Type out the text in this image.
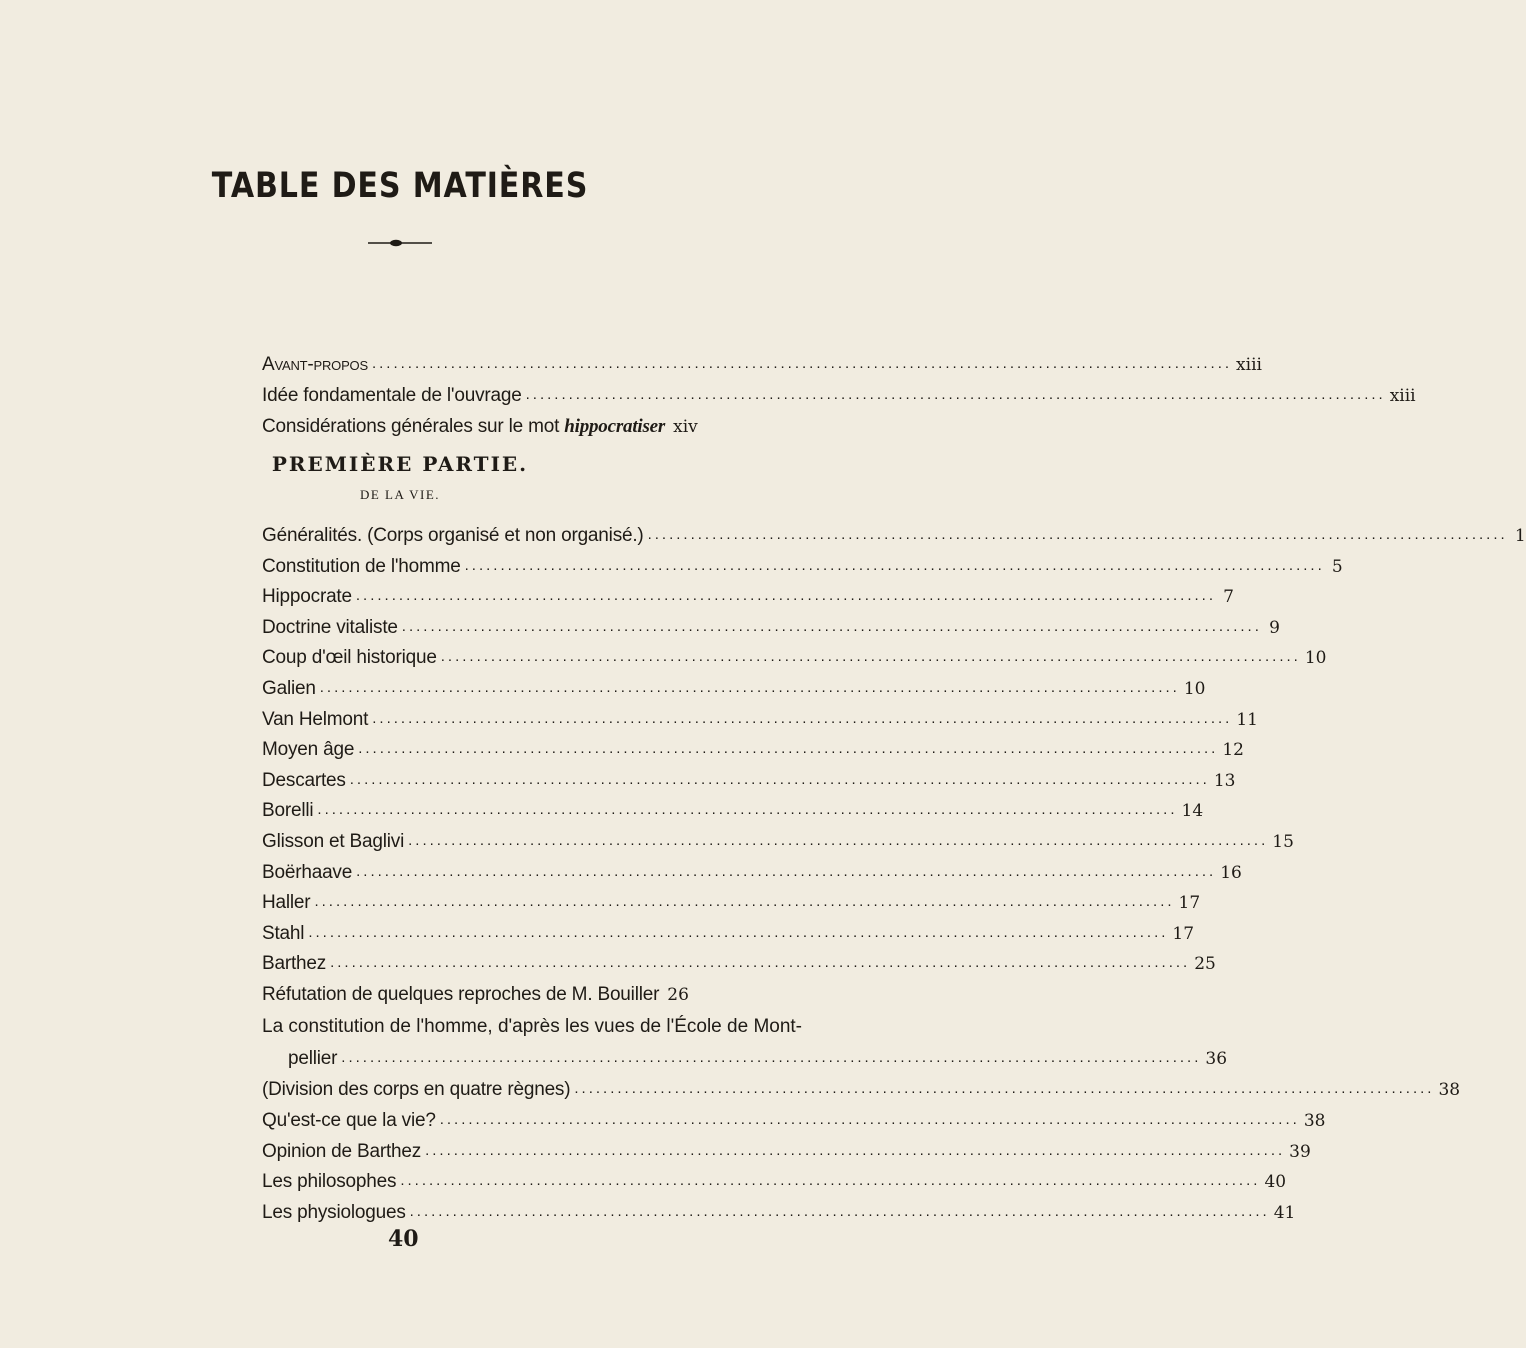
TABLE DES MATIÈRES
Avant-propos ........................................................................................................................ xiii
Idée fondamentale de l'ouvrage ........................................................................................................................ xiii
Considérations générales sur le mot hippocratiser xiv
PREMIÈRE PARTIE.
DE LA VIE.
Généralités. (Corps organisé et non organisé.) ........................................................................................................................ 1
Constitution de l'homme ........................................................................................................................ 5
Hippocrate ........................................................................................................................ 7
Doctrine vitaliste ........................................................................................................................ 9
Coup d'œil historique ........................................................................................................................ 10
Galien ........................................................................................................................ 10
Van Helmont ........................................................................................................................ 11
Moyen âge ........................................................................................................................ 12
Descartes ........................................................................................................................ 13
Borelli ........................................................................................................................ 14
Glisson et Baglivi ........................................................................................................................ 15
Boërhaave ........................................................................................................................ 16
Haller ........................................................................................................................ 17
Stahl ........................................................................................................................ 17
Barthez ........................................................................................................................ 25
Réfutation de quelques reproches de M. Bouiller 26
La constitution de l'homme, d'après les vues de l'École de Mont-
pellier ........................................................................................................................ 36
(Division des corps en quatre règnes) ........................................................................................................................ 38
Qu'est-ce que la vie? ........................................................................................................................ 38
Opinion de Barthez ........................................................................................................................ 39
Les philosophes ........................................................................................................................ 40
Les physiologues ........................................................................................................................ 41
40
